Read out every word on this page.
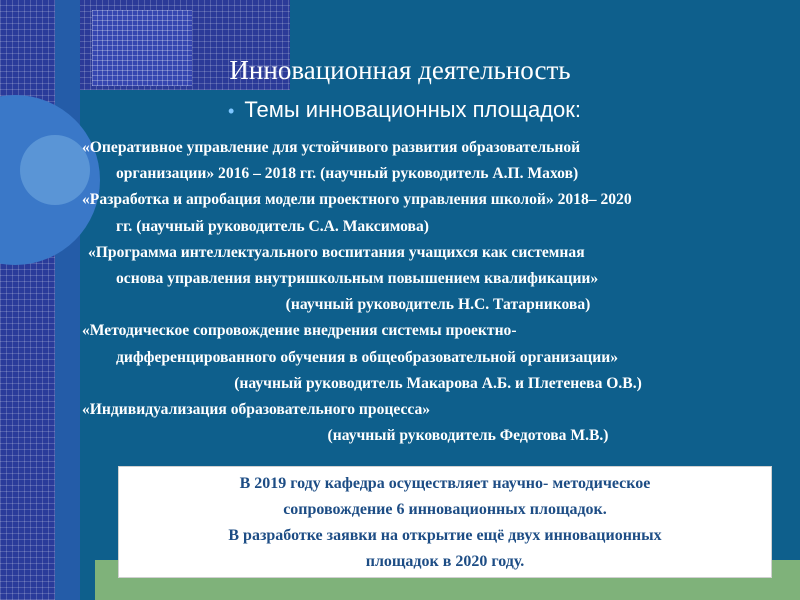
Инновационная деятельность
• Темы инновационных площадок:
«Оперативное управление для устойчивого развития образовательной
организации» 2016 – 2018 гг. (научный руководитель А.П. Махов)
«Разработка и апробация модели проектного управления школой» 2018– 2020
гг. (научный руководитель С.А. Максимова)
«Программа интеллектуального воспитания учащихся как системная
основа управления внутришкольным повышением квалификации»
(научный руководитель Н.С. Татарникова)
«Методическое сопровождение внедрения системы проектно-
дифференцированного обучения в общеобразовательной организации»
(научный руководитель Макарова А.Б. и Плетенева О.В.)
«Индивидуализация образовательного процесса»
(научный руководитель Федотова М.В.)
В 2019 году кафедра осуществляет научно- методическое
сопровождение 6 инновационных площадок.
В разработке заявки на открытие ещё двух инновационных
площадок в 2020 году.
